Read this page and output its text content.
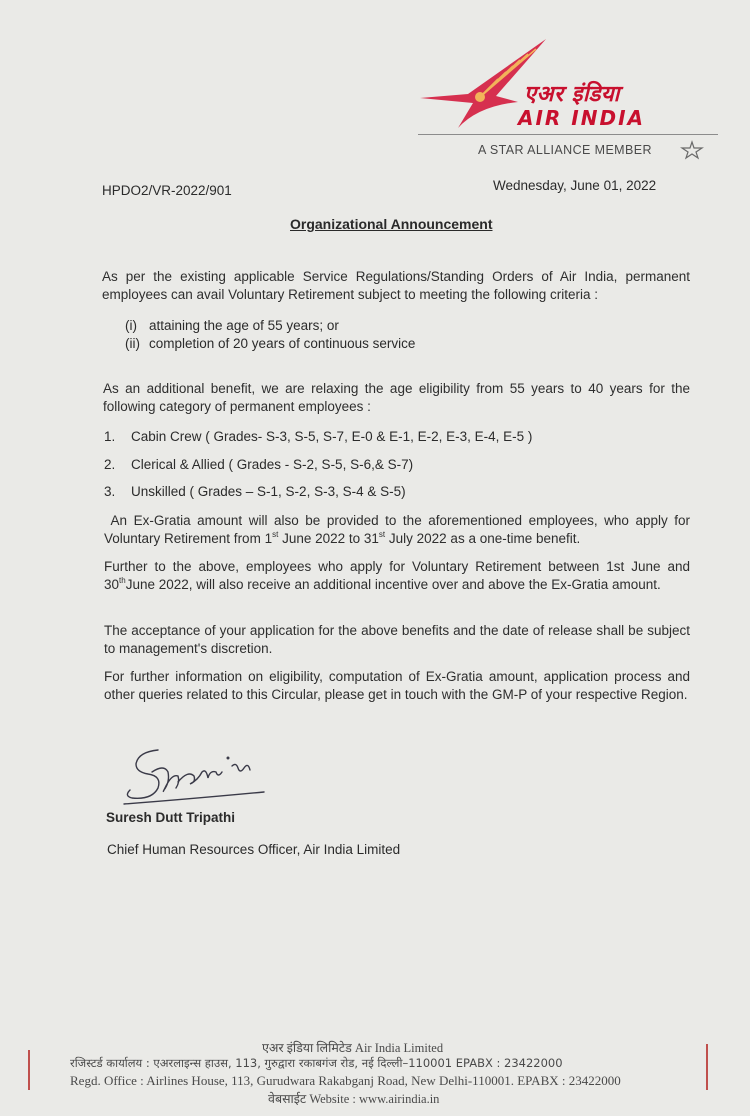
एअर इंडिया
AIR INDIA
A STAR ALLIANCE MEMBER
HPDO2/VR-2022/901	Wednesday, June 01, 2022
Organizational Announcement
As per the existing applicable Service Regulations/Standing Orders of Air India, permanent employees can avail Voluntary Retirement subject to meeting the following criteria :
(i) attaining the age of 55 years; or
(ii) completion of 20 years of continuous service
As an additional benefit, we are relaxing the age eligibility from 55 years to 40 years for the following category of permanent employees :
1. Cabin Crew ( Grades- S-3, S-5, S-7, E-0 & E-1, E-2, E-3, E-4, E-5 )
2. Clerical & Allied ( Grades - S-2, S-5, S-6,& S-7)
3. Unskilled ( Grades – S-1, S-2, S-3, S-4 & S-5)
An Ex-Gratia amount will also be provided to the aforementioned employees, who apply for Voluntary Retirement from 1st June 2022 to 31st July 2022 as a one-time benefit.
Further to the above, employees who apply for Voluntary Retirement between 1st June and 30thJune 2022, will also receive an additional incentive over and above the Ex-Gratia amount.
The acceptance of your application for the above benefits and the date of release shall be subject to management's discretion.
For further information on eligibility, computation of Ex-Gratia amount, application process and other queries related to this Circular, please get in touch with the GM-P of your respective Region.
Suresh Dutt Tripathi
Chief Human Resources Officer, Air India Limited
एअर इंडिया लिमिटेड Air India Limited
रजिस्टर्ड कार्यालय : एअरलाइन्स हाउस, 113, गुरुद्वारा रकाबगंज रोड, नई दिल्ली–110001 EPABX : 23422000
Regd. Office : Airlines House, 113, Gurudwara Rakabganj Road, New Delhi-110001. EPABX : 23422000
वेबसाईट Website : www.airindia.in
